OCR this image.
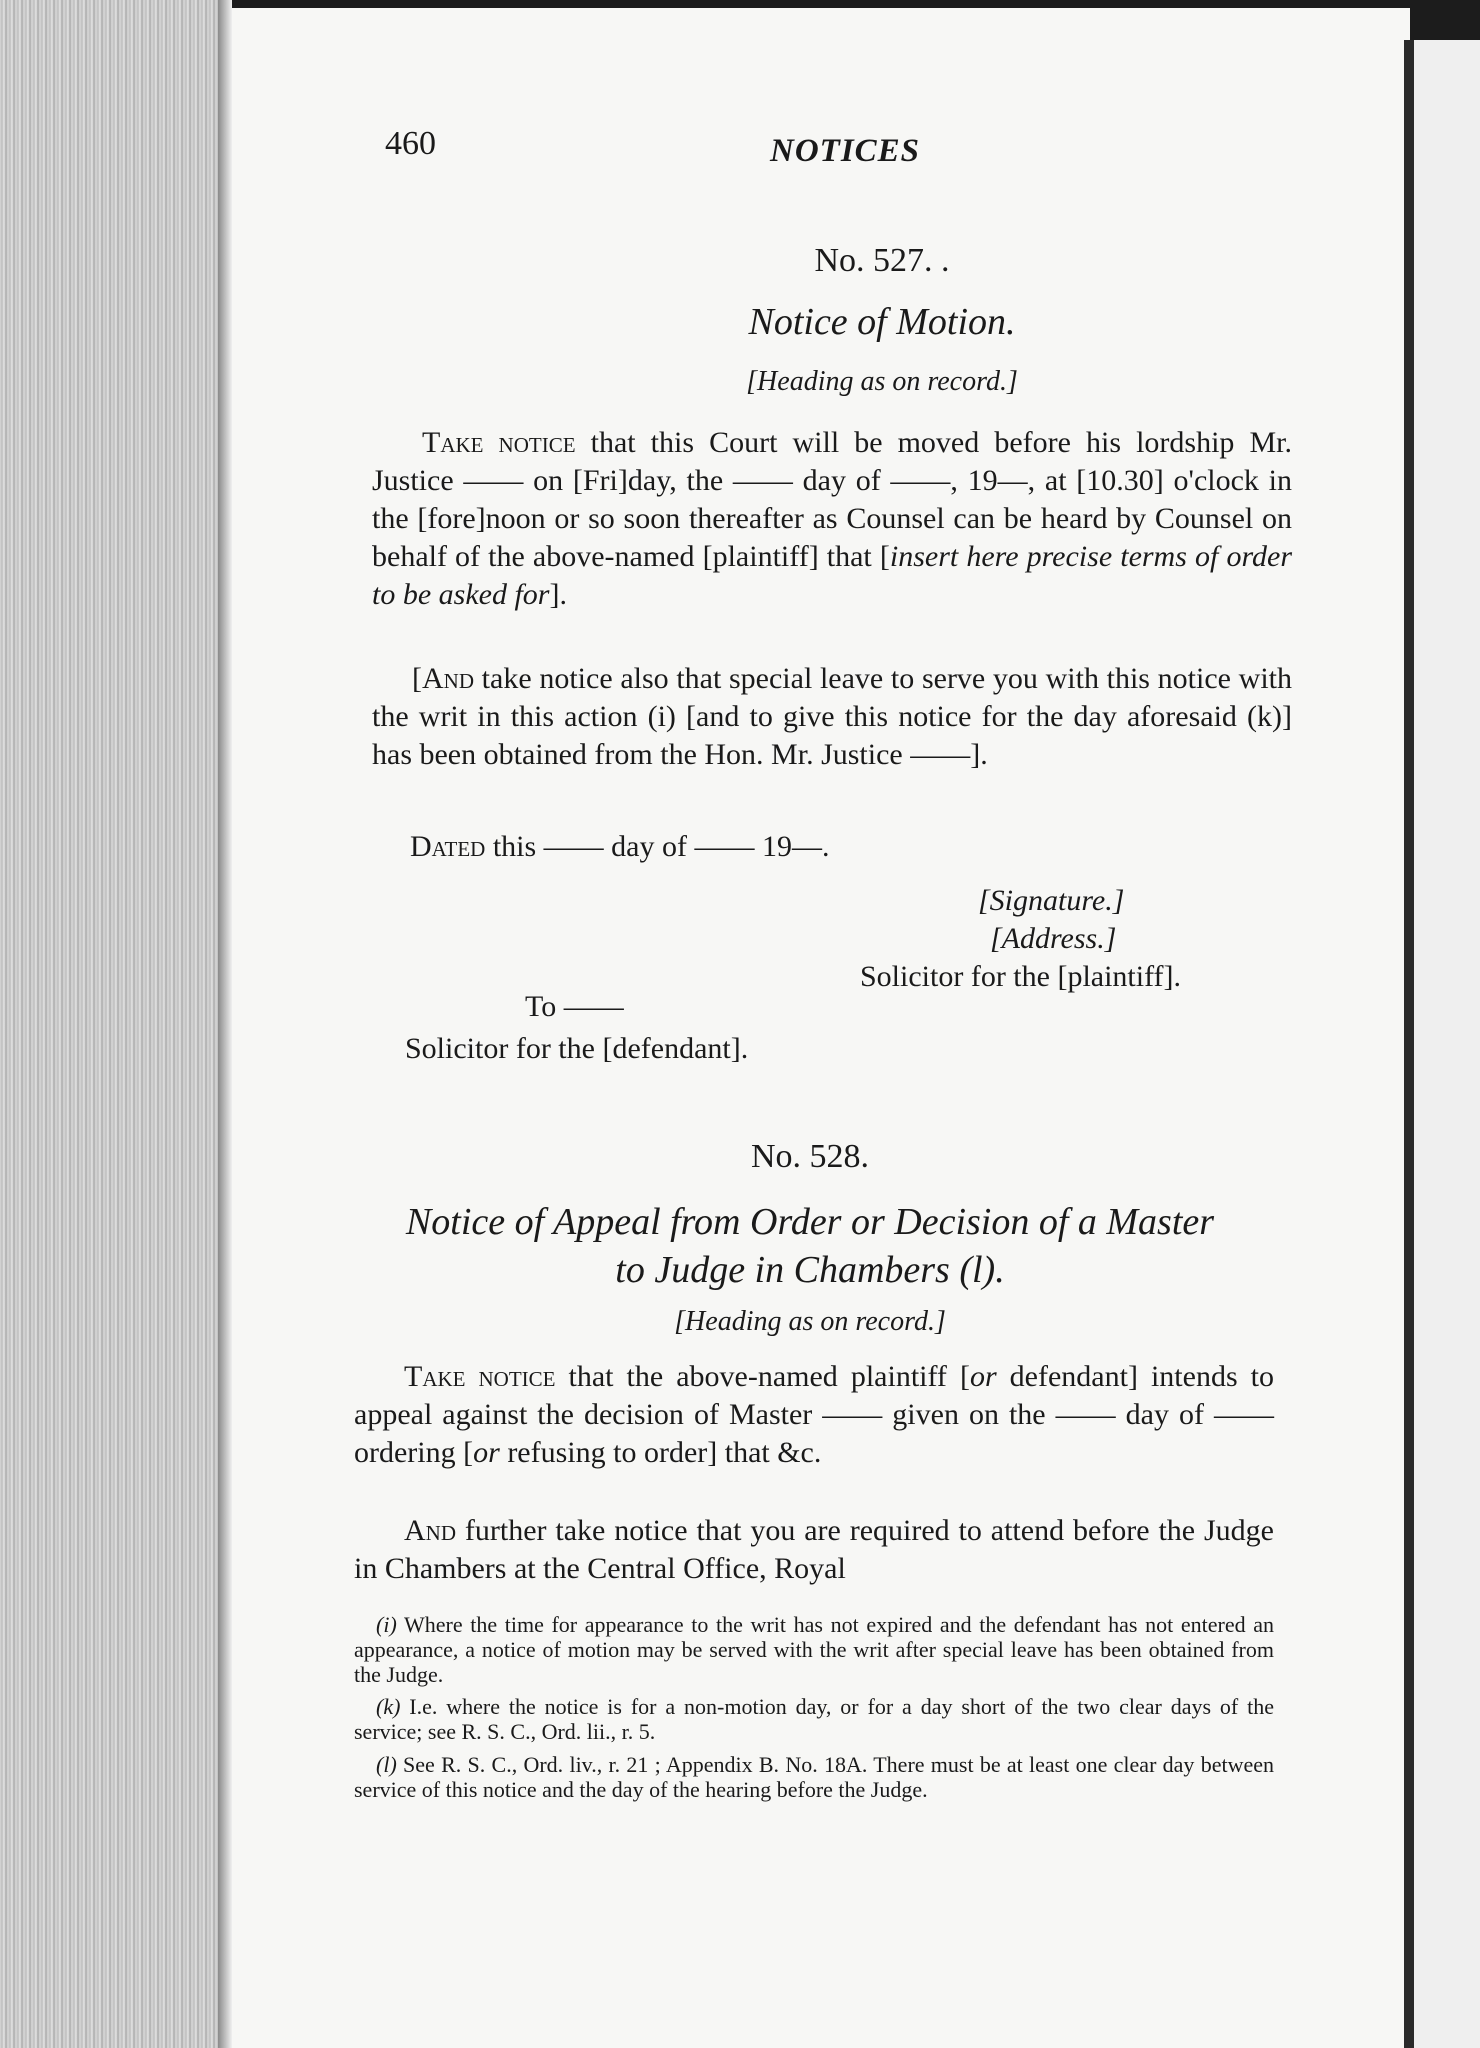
460	NOTICES
No. 527. .
Notice of Motion.
[Heading as on record.]
Take notice that this Court will be moved before his lordship Mr. Justice —— on [Fri]day, the —— day of ——, 19—, at [10.30] o'clock in the [fore]noon or so soon thereafter as Counsel can be heard by Counsel on behalf of the above-named [plaintiff] that [insert here precise terms of order to be asked for].
[And take notice also that special leave to serve you with this notice with the writ in this action (i) [and to give this notice for the day aforesaid (k)] has been obtained from the Hon. Mr. Justice ——].
Dated this —— day of —— 19—.
[Signature.]
[Address.]
Solicitor for the [plaintiff].
To ——
Solicitor for the [defendant].
No. 528.
Notice of Appeal from Order or Decision of a Master
to Judge in Chambers (l).
[Heading as on record.]
Take notice that the above-named plaintiff [or defendant] intends to appeal against the decision of Master —— given on the —— day of —— ordering [or refusing to order] that &c.
And further take notice that you are required to attend before the Judge in Chambers at the Central Office, Royal
(i) Where the time for appearance to the writ has not expired and the defendant has not entered an appearance, a notice of motion may be served with the writ after special leave has been obtained from the Judge.
(k) I.e. where the notice is for a non-motion day, or for a day short of the two clear days of the service; see R. S. C., Ord. lii., r. 5.
(l) See R. S. C., Ord. liv., r. 21 ; Appendix B. No. 18A. There must be at least one clear day between service of this notice and the day of the hearing before the Judge.
